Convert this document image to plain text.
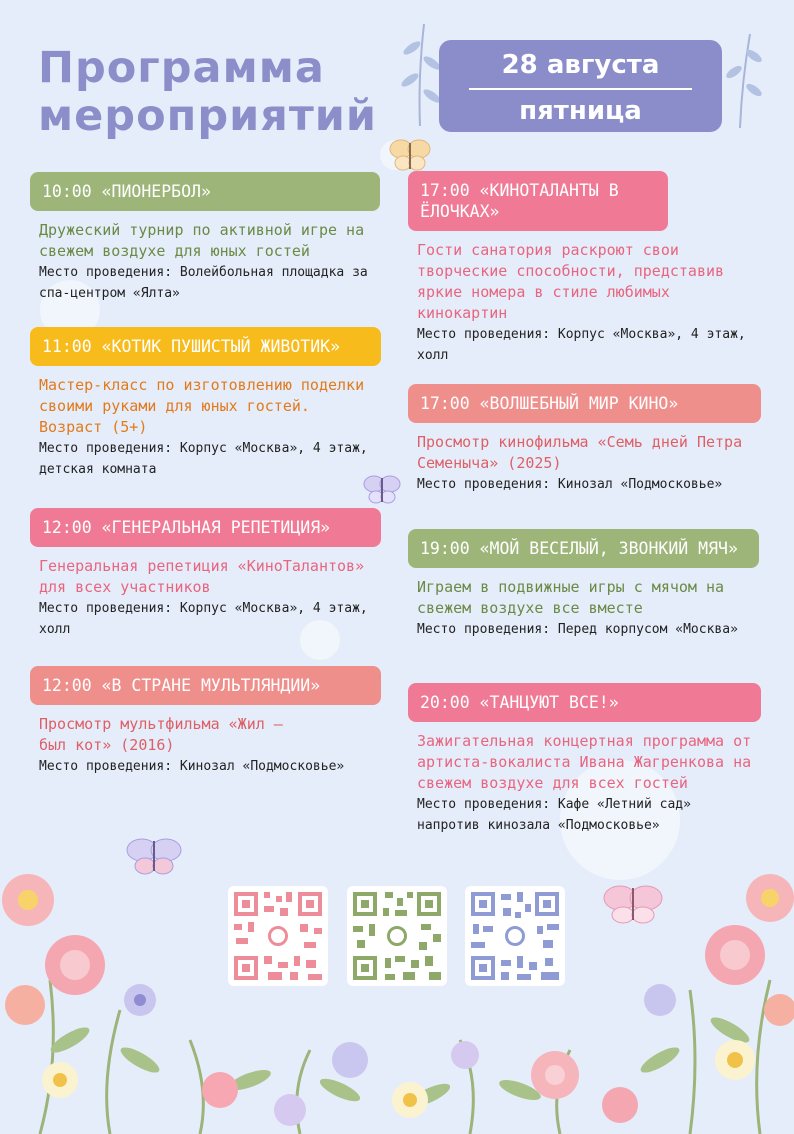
Программа
мероприятий
28 августа
пятница
10:00 «ПИОНЕРБОЛ»
Дружеский турнир по активной игре на свежем воздухе для юных гостей
Место проведения: Волейбольная площадка за спа-центром «Ялта»
11:00 «КОТИК ПУШИСТЫЙ ЖИВОТИК»
Мастер-класс по изготовлению поделки своими руками для юных гостей. Возраст (5+)
Место проведения: Корпус «Москва», 4 этаж, детская комната
12:00 «ГЕНЕРАЛЬНАЯ РЕПЕТИЦИЯ»
Генеральная репетиция «КиноТалантов» для всех участников
Место проведения: Корпус «Москва», 4 этаж, холл
12:00 «В СТРАНЕ МУЛЬТЛЯНДИИ»
Просмотр мультфильма «Жил – был кот» (2016)
Место проведения: Кинозал «Подмосковье»
17:00 «КИНОТАЛАНТЫ В ЁЛОЧКАХ»
Гости санатория раскроют свои творческие способности, представив яркие номера в стиле любимых кинокартин
Место проведения: Корпус «Москва», 4 этаж, холл
17:00 «ВОЛШЕБНЫЙ МИР КИНО»
Просмотр кинофильма «Семь дней Петра Семеныча» (2025)
Место проведения: Кинозал «Подмосковье»
19:00 «МОЙ ВЕСЕЛЫЙ, ЗВОНКИЙ МЯЧ»
Играем в подвижные игры с мячом на свежем воздухе все вместе
Место проведения: Перед корпусом «Москва»
20:00 «ТАНЦУЮТ ВСЕ!»
Зажигательная концертная программа от артиста-вокалиста Ивана Жагренкова на свежем воздухе для всех гостей
Место проведения: Кафе «Летний сад» напротив кинозала «Подмосковье»
